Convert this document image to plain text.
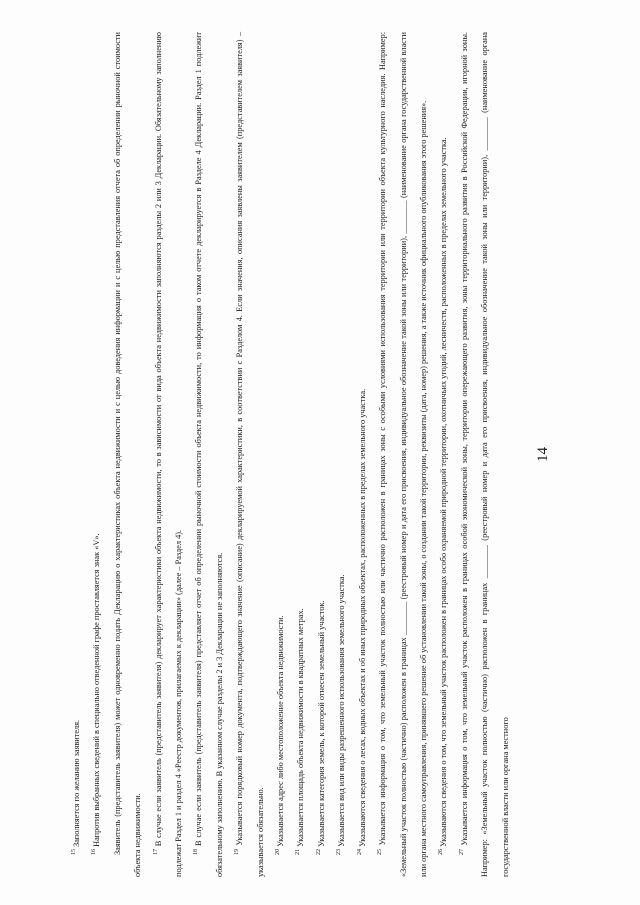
$^{15}$ Заполняется по желанию заявителя.

$^{16}$ Напротив выбранных сведений в специально отведенной графе проставляется знак «V».	Заявитель (представитель заявителя) может одновременно подать Декларацию о характеристиках объекта недвижимости и с целью доведения информации и с целью представления отчета об определении рыночной стоимости объекта недвижимости.	$^{17}$ В случае если заявитель (представитель заявителя) декларирует характеристики объекта недвижимости, то в зависимости от вида объекта недвижимости заполняются разделы 2 или 3 Декларации. Обязательному заполнению подлежат Раздел 1 и раздел 4 «Реестр документов, прилагаемых к декларации» (далее – Раздел 4).	$^{18}$ В случае если заявитель (представитель заявителя) представляет отчет об определении рыночной стоимости объекта недвижимости, то информация о таком отчете декларируется в Разделе 4 Декларации. Раздел 1 подлежит обязательному заполнению. В указанном случае разделы 2 и 3 Декларации не заполняются.	$^{19}$ Указывается порядковый номер документа, подтверждающего значение (описание) декларируемой характеристики, в соответствии с Разделом 4. Если значения, описания заявлены заявителем (представителем заявителя) – указывается обязательно.	$^{20}$ Указывается адрес либо местоположение объекта недвижимости.

$^{21}$ Указывается площадь объекта недвижимости в квадратных метрах.

$^{22}$ Указывается категория земель, к которой отнесен земельный участок.

$^{23}$ Указывается вид или виды разрешенного использования земельного участка.

$^{24}$ Указываются сведения о лесах, водных объектах и об иных природных объектах, расположенных в пределах земельного участка.

$^{25}$ Указывается информация о том, что земельный участок полностью или частично расположен в границах зоны с особыми условиями использования территории или территории объекта культурного наследия. Например: «Земельный участок полностью (частично) расположен в границах ________ (реестровый номер и дата его присвоения, индивидуальное обозначение такой зоны или территории), ________ (наименование органа государственной власти или органа местного самоуправления, принявшего решение об установлении такой зоны, о создании такой территории, реквизиты (дата, номер) решения, а также источник официального опубликования этого решения».	$^{26}$ Указываются сведения о том, что земельный участок расположен в границах особо охраняемой природной территории, охотничьих угодий, лесничеств, расположенных в пределах земельного участка.

$^{27}$ Указывается информация о том, что земельный участок расположен в границах особой экономической зоны, территории опережающего развития, зоны территориального развития в Российской Федерации, игорной зоны. Например: «Земельный участок полностью (частично) расположен в границах ________ (реестровый номер и дата его присвоения, индивидуальное обозначение такой зоны или территории), ________ (наименование органа государственной власти или органа местного

14
